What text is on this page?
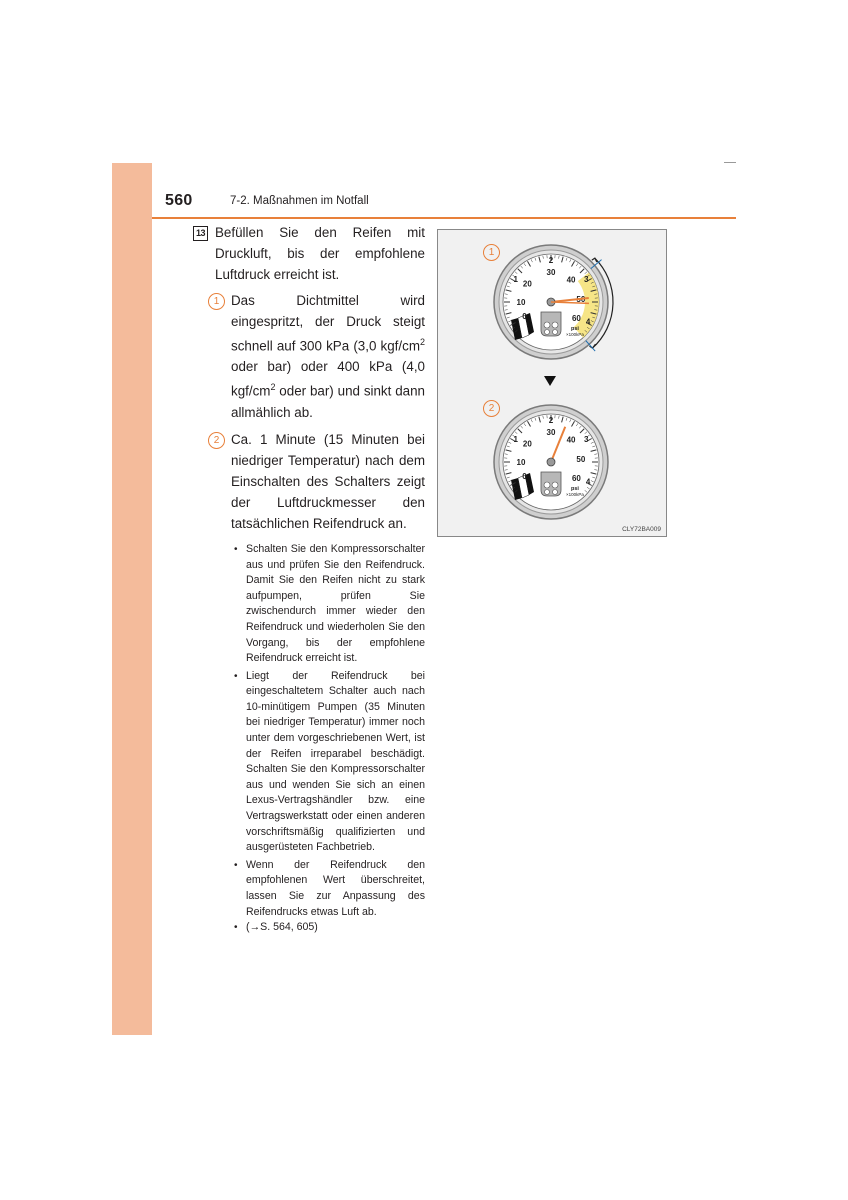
560	7-2. Maßnahmen im Notfall
13 Befüllen Sie den Reifen mit Druckluft, bis der empfohlene Luftdruck erreicht ist.
1 Das Dichtmittel wird eingespritzt, der Druck steigt schnell auf 300 kPa (3,0 kgf/$cm^2$ oder bar) oder 400 kPa (4,0 kgf/$cm^2$ oder bar) und sinkt dann allmählich ab.
2 Ca. 1 Minute (15 Minuten bei niedriger Temperatur) nach dem Einschalten des Schalters zeigt der Luftdruckmesser den tatsächlichen Reifendruck an.
• Schalten Sie den Kompressorschalter aus und prüfen Sie den Reifendruck. Damit Sie den Reifen nicht zu stark aufpumpen, prüfen Sie zwischendurch immer wieder den Reifendruck und wiederholen Sie den Vorgang, bis der empfohlene Reifendruck erreicht ist.
• Liegt der Reifendruck bei eingeschaltetem Schalter auch nach 10-minütigem Pumpen (35 Minuten bei niedriger Temperatur) immer noch unter dem vorgeschriebenen Wert, ist der Reifen irreparabel beschädigt. Schalten Sie den Kompressorschalter aus und wenden Sie sich an einen Lexus-Vertragshändler bzw. eine Vertragswerkstatt oder einen anderen vorschriftsmäßig qualifizierten und ausgerüsteten Fachbetrieb.
• Wenn der Reifendruck den empfohlenen Wert überschreitet, lassen Sie zur Anpassung des Reifendrucks etwas Luft ab.
• (→S. 564, 605)
1
2
3
4
0
10
20
30
40
60
psi
×100kPa
1
2
3
4
0
10
20
30
40
50
60
psi
×100kPa
1
2
CLY72BA009
